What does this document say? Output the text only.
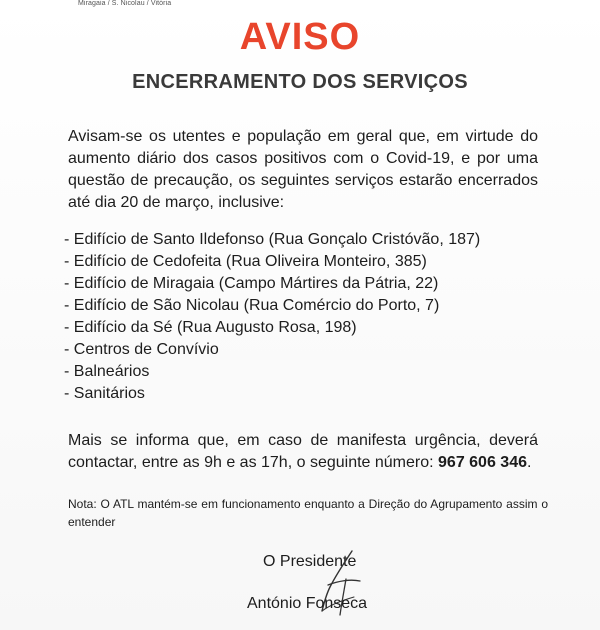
Miragaia / S. Nicolau / Vitória
AVISO
ENCERRAMENTO DOS SERVIÇOS
Avisam-se os utentes e população em geral que, em virtude do aumento diário dos casos positivos com o Covid-19, e por uma questão de precaução, os seguintes serviços estarão encerrados até dia 20 de março, inclusive:
- Edifício de Santo Ildefonso (Rua Gonçalo Cristóvão, 187)
- Edifício de Cedofeita (Rua Oliveira Monteiro, 385)
- Edifício de Miragaia (Campo Mártires da Pátria, 22)
- Edifício de São Nicolau (Rua Comércio do Porto, 7)
- Edifício da Sé (Rua Augusto Rosa, 198)
- Centros de Convívio
- Balneários
- Sanitários
Mais se informa que, em caso de manifesta urgência, deverá contactar, entre as 9h e as 17h, o seguinte número: 967 606 346.
Nota: O ATL mantém-se em funcionamento enquanto a Direção do Agrupamento assim o entender
O Presidente
António Fonseca
